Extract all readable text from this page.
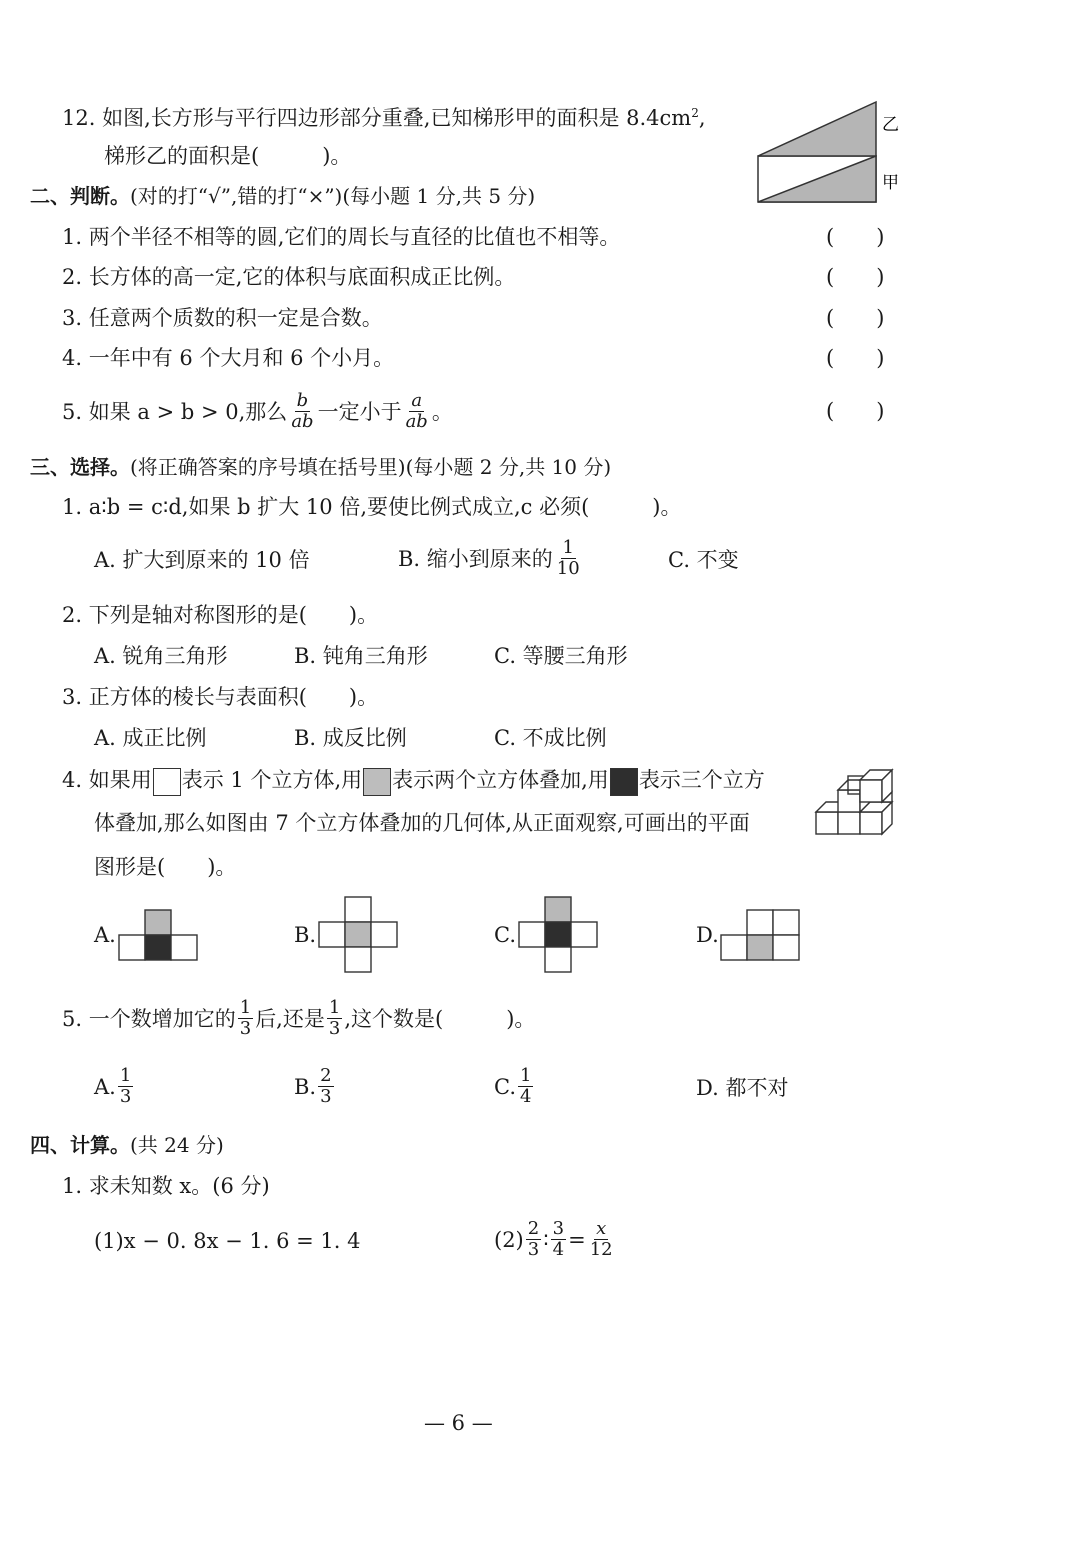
12. 如图,长方形与平行四边形部分重叠,已知梯形甲的面积是 $8.4cm^2$,
梯形乙的面积是(　　　)。
乙
甲
二、判断。(对的打“√”,错的打“×”)(每小题 1 分,共 5 分)
1. 两个半径不相等的圆,它们的周长与直径的比值也不相等。	(　　)
2. 长方体的高一定,它的体积与底面积成正比例。	(　　)
3. 任意两个质数的积一定是合数。	(　　)
4. 一年中有 6 个大月和 6 个小月。	(　　)
5. 如果 a > b > 0,那么 $\frac{b}{ab}$ 一定小于 $\frac{a}{ab}$ 。	(　　)
三、选择。(将正确答案的序号填在括号里)(每小题 2 分,共 10 分)
1. a∶b = c∶d,如果 b 扩大 10 倍,要使比例式成立,c 必须(　　　)。
A. 扩大到原来的 10 倍	B. 缩小到原来的 $\frac{1}{10}$	C. 不变
2. 下列是轴对称图形的是(　　)。
A. 锐角三角形	B. 钝角三角形	C. 等腰三角形
3. 正方体的棱长与表面积(　　)。
A. 成正比例	B. 成反比例	C. 不成比例
4. 如果用 表示 1 个立方体,用 表示两个立方体叠加,用 表示三个立方
体叠加,那么如图由 7 个立方体叠加的几何体,从正面观察,可画出的平面
图形是(　　)。
A.	B.	C.	D.
5. 一个数增加它的 $\frac{1}{3}$ 后,还是 $\frac{1}{3}$ ,这个数是(　　　)。
A. $\frac{1}{3}$	B. $\frac{2}{3}$	C. $\frac{1}{4}$	D. 都不对
四、计算。(共 24 分)
1. 求未知数 x。(6 分)
(1)x − 0. 8x − 1. 6 = 1. 4	$(2) \frac{2}{3}$ ∶ $\frac{3}{4} = \frac{x}{12}$
— 6 —
